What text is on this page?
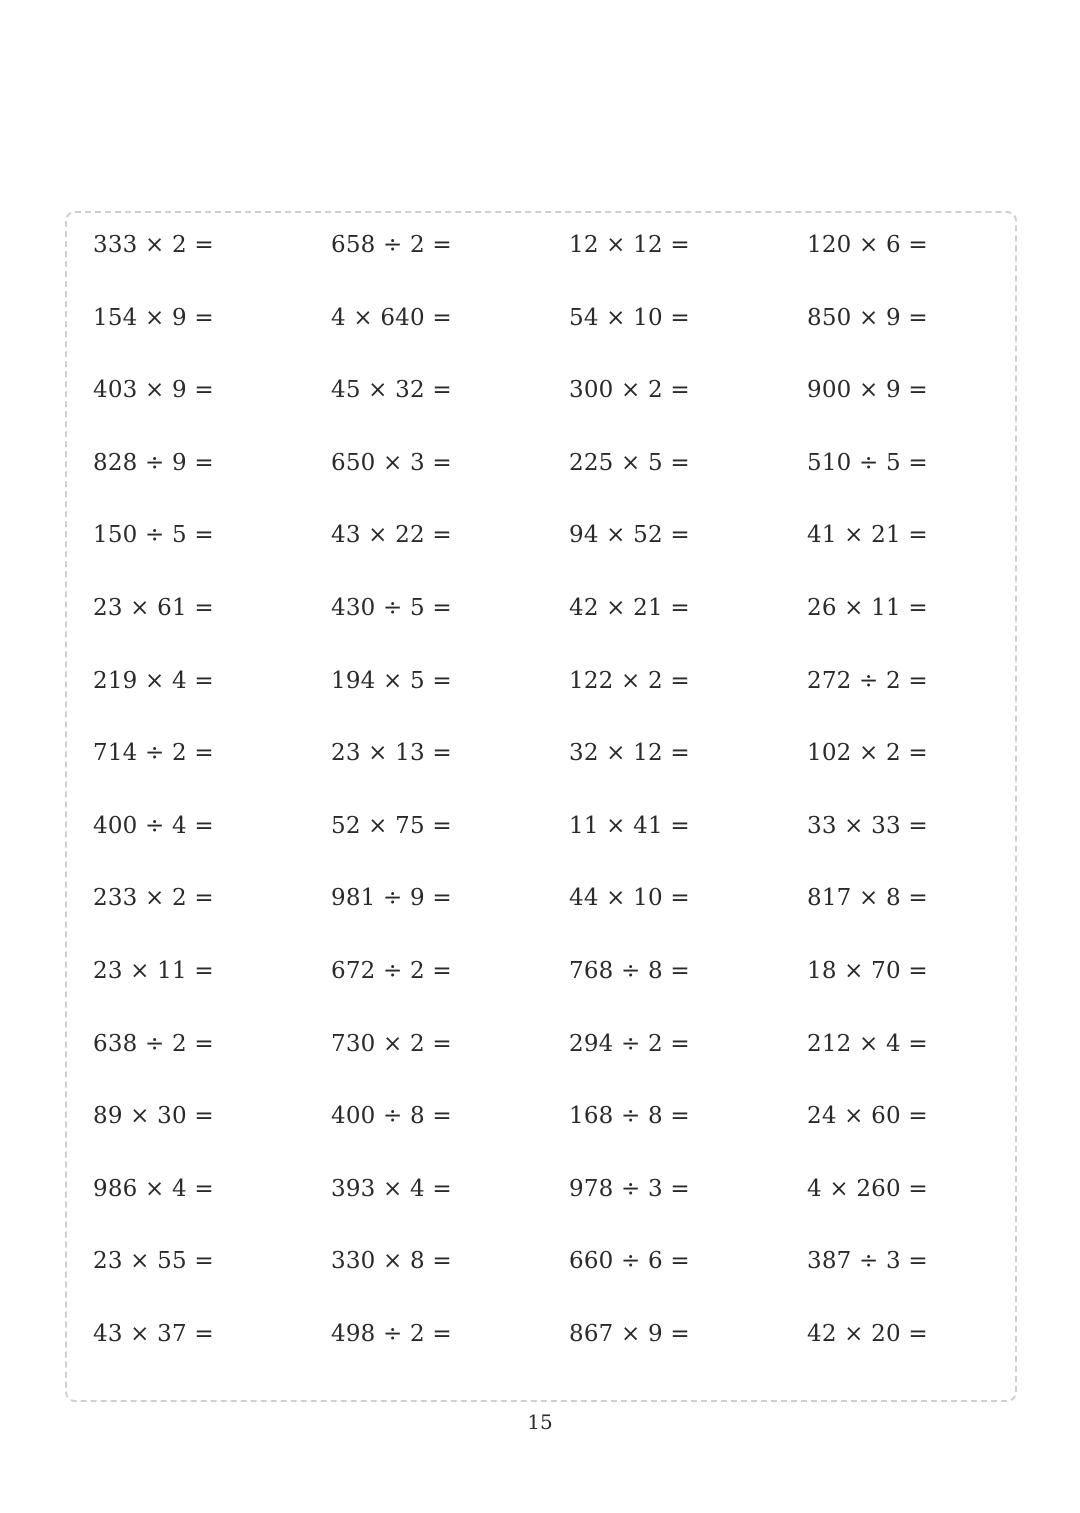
333 × 2 =	658 ÷ 2 =	12 × 12 =	120 × 6 =
154 × 9 =	4 × 640 =	54 × 10 =	850 × 9 =
403 × 9 =	45 × 32 =	300 × 2 =	900 × 9 =
828 ÷ 9 =	650 × 3 =	225 × 5 =	510 ÷ 5 =
150 ÷ 5 =	43 × 22 =	94 × 52 =	41 × 21 =
23 × 61 =	430 ÷ 5 =	42 × 21 =	26 × 11 =
219 × 4 =	194 × 5 =	122 × 2 =	272 ÷ 2 =
714 ÷ 2 =	23 × 13 =	32 × 12 =	102 × 2 =
400 ÷ 4 =	52 × 75 =	11 × 41 =	33 × 33 =
233 × 2 =	981 ÷ 9 =	44 × 10 =	817 × 8 =
23 × 11 =	672 ÷ 2 =	768 ÷ 8 =	18 × 70 =
638 ÷ 2 =	730 × 2 =	294 ÷ 2 =	212 × 4 =
89 × 30 =	400 ÷ 8 =	168 ÷ 8 =	24 × 60 =
986 × 4 =	393 × 4 =	978 ÷ 3 =	4 × 260 =
23 × 55 =	330 × 8 =	660 ÷ 6 =	387 ÷ 3 =
43 × 37 =	498 ÷ 2 =	867 × 9 =	42 × 20 =
15
